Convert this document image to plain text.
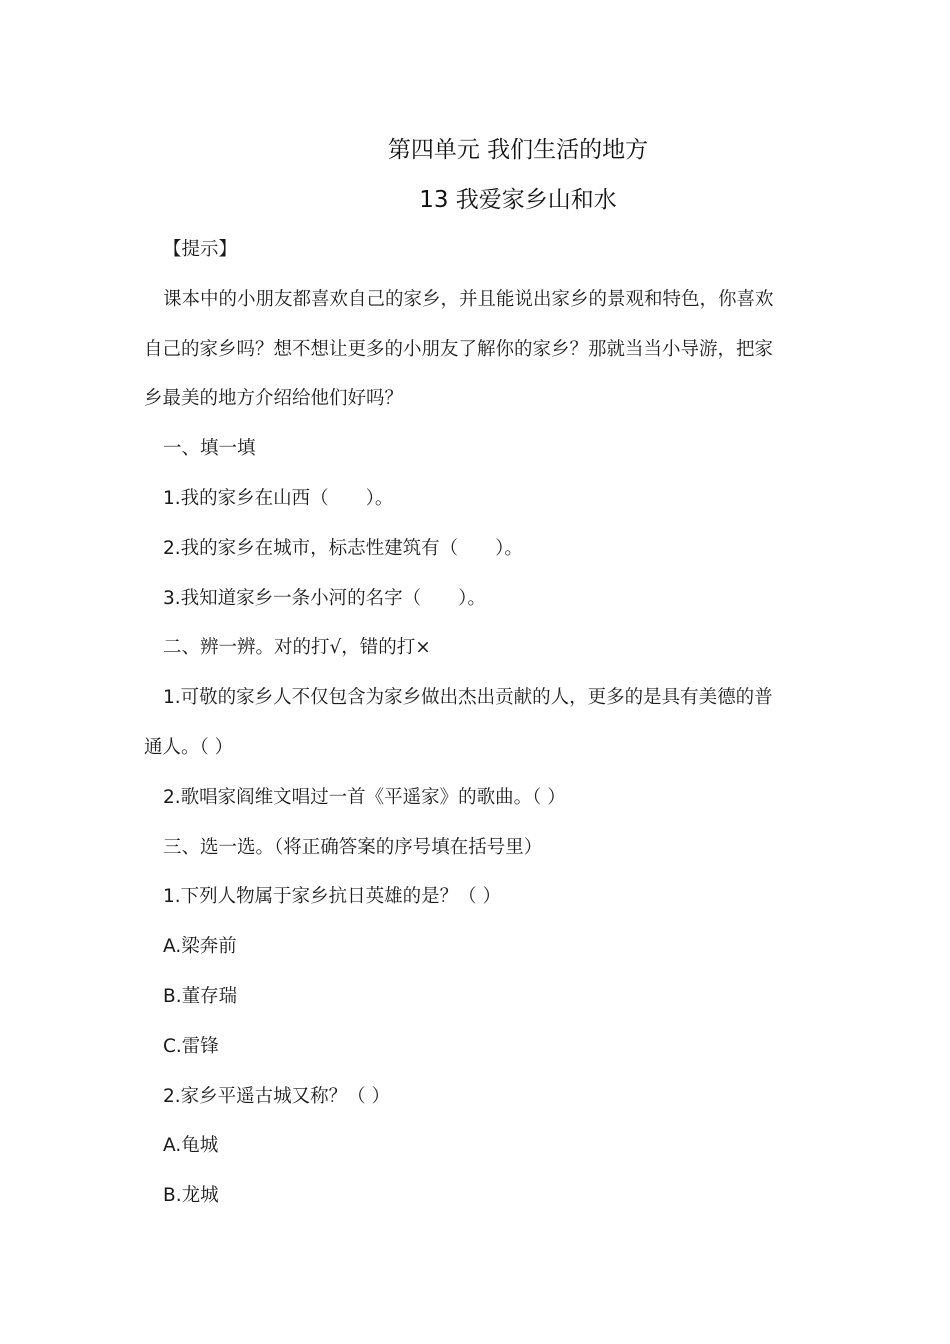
第四单元 我们生活的地方
13 我爱家乡山和水
【提示】
课本中的小朋友都喜欢自己的家乡，并且能说出家乡的景观和特色，你喜欢
自己的家乡吗？想不想让更多的小朋友了解你的家乡？那就当当小导游，把家
乡最美的地方介绍给他们好吗？
一、填一填
1.我的家乡在山西（　　）。
2.我的家乡在城市，标志性建筑有（　　）。
3.我知道家乡一条小河的名字（　　）。
二、辨一辨。对的打√，错的打×
1.可敬的家乡人不仅包含为家乡做出杰出贡献的人，更多的是具有美德的普
通人。（ ）
2.歌唱家阎维文唱过一首《平遥家》的歌曲。（ ）
三、选一选。（将正确答案的序号填在括号里）
1.下列人物属于家乡抗日英雄的是？（ ）
A.梁奔前
B.董存瑞
C.雷锋
2.家乡平遥古城又称？（ ）
A.龟城
B.龙城
